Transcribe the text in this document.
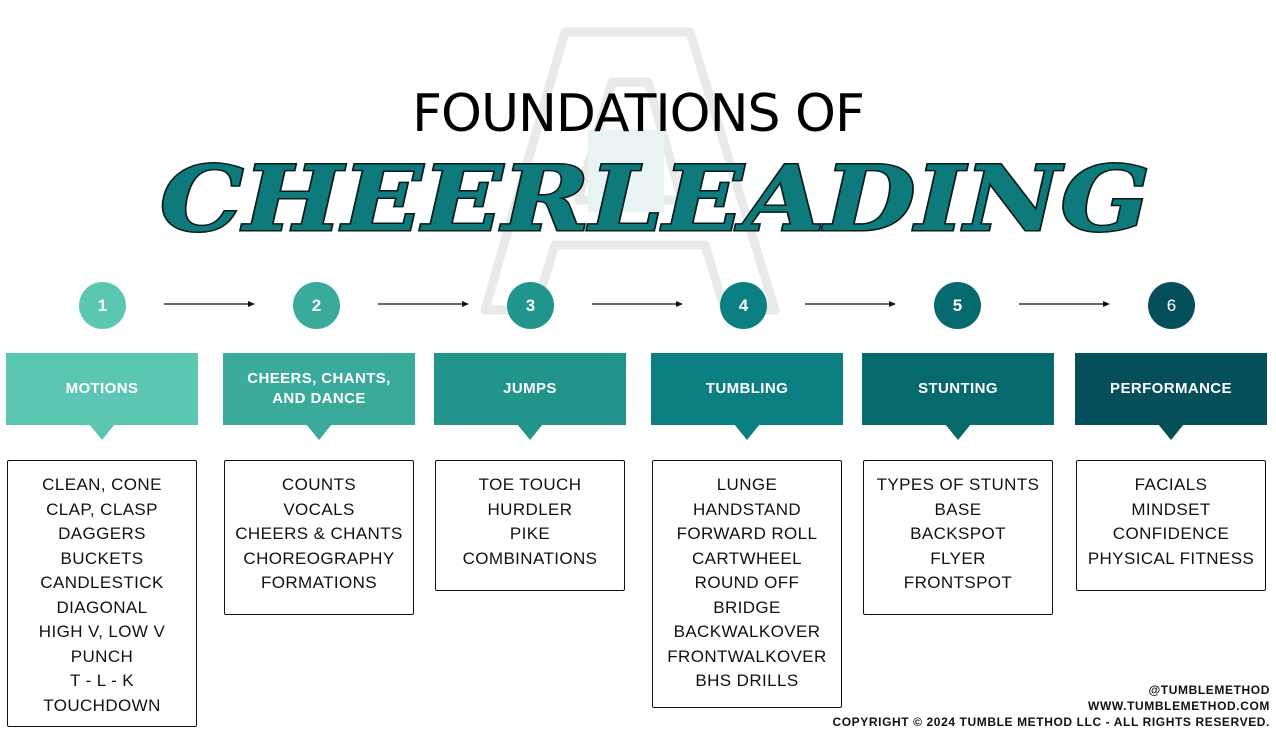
FOUNDATIONS OF
CHEERLEADING
1
MOTIONS
CLEAN, CONE
CLAP, CLASP
DAGGERS
BUCKETS
CANDLESTICK
DIAGONAL
HIGH V, LOW V
PUNCH
T - L - K
TOUCHDOWN
2
CHEERS, CHANTS, AND DANCE
COUNTS
VOCALS
CHEERS & CHANTS
CHOREOGRAPHY
FORMATIONS
3
JUMPS
TOE TOUCH
HURDLER
PIKE
COMBINATIONS
4
TUMBLING
LUNGE
HANDSTAND
FORWARD ROLL
CARTWHEEL
ROUND OFF
BRIDGE
BACKWALKOVER
FRONTWALKOVER
BHS DRILLS
5
STUNTING
TYPES OF STUNTS
BASE
BACKSPOT
FLYER
FRONTSPOT
6
PERFORMANCE
FACIALS
MINDSET
CONFIDENCE
PHYSICAL FITNESS
@TUMBLEMETHOD
WWW.TUMBLEMETHOD.COM
COPYRIGHT © 2024 TUMBLE METHOD LLC - ALL RIGHTS RESERVED.
